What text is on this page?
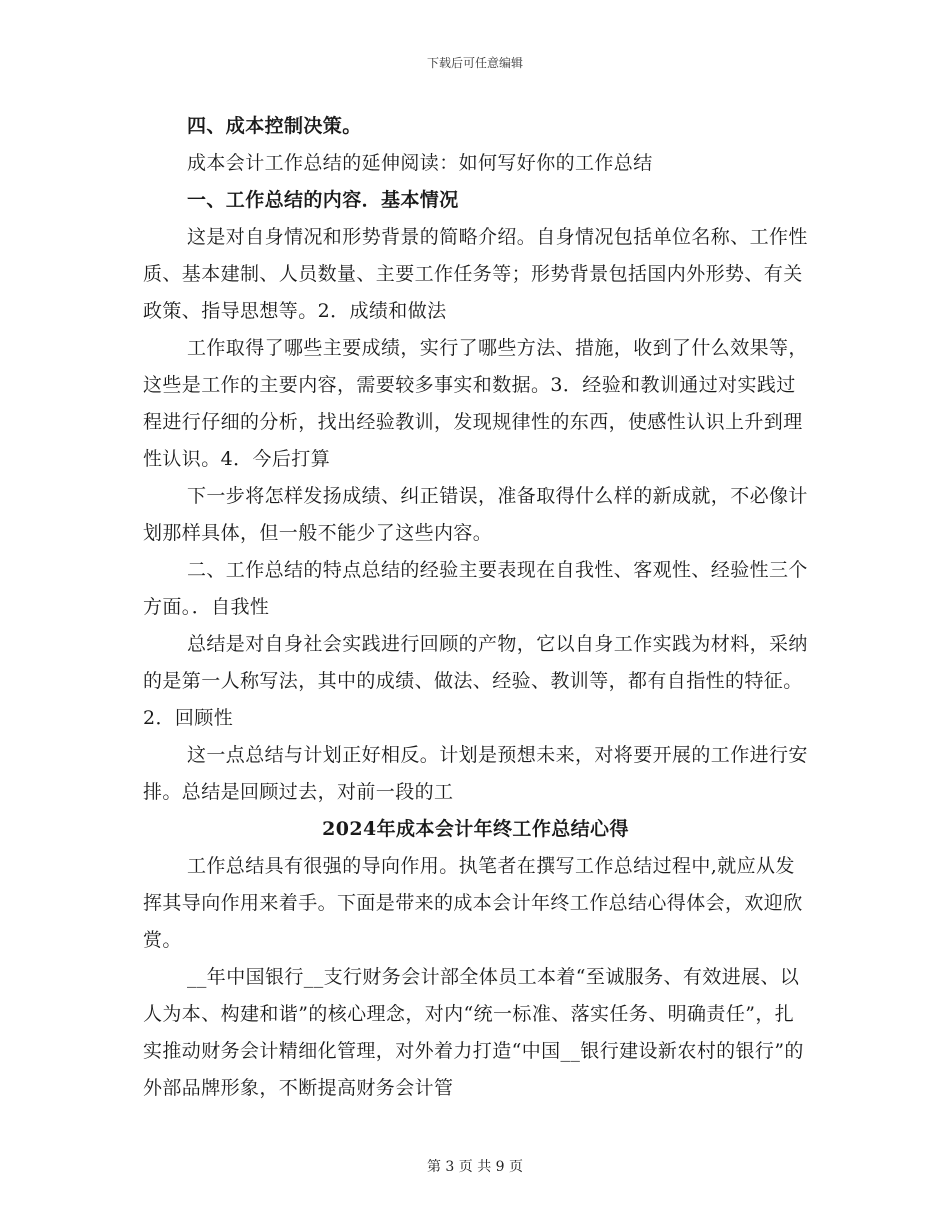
下载后可任意编辑

四、成本控制决策。

成本会计工作总结的延伸阅读：如何写好你的工作总结

一、工作总结的内容．基本情况

这是对自身情况和形势背景的简略介绍。自身情况包括单位名称、工作性质、基本建制、人员数量、主要工作任务等；形势背景包括国内外形势、有关政策、指导思想等。2．成绩和做法

工作取得了哪些主要成绩，实行了哪些方法、措施，收到了什么效果等，这些是工作的主要内容，需要较多事实和数据。3．经验和教训通过对实践过程进行仔细的分析，找出经验教训，发现规律性的东西，使感性认识上升到理性认识。4．今后打算

下一步将怎样发扬成绩、纠正错误，准备取得什么样的新成就，不必像计划那样具体，但一般不能少了这些内容。

二、工作总结的特点总结的经验主要表现在自我性、客观性、经验性三个方面。．自我性

总结是对自身社会实践进行回顾的产物，它以自身工作实践为材料，采纳的是第一人称写法，其中的成绩、做法、经验、教训等，都有自指性的特征。2．回顾性

这一点总结与计划正好相反。计划是预想未来，对将要开展的工作进行安排。总结是回顾过去，对前一段的工

2024年成本会计年终工作总结心得

工作总结具有很强的导向作用。执笔者在撰写工作总结过程中,就应从发挥其导向作用来着手。下面是带来的成本会计年终工作总结心得体会，欢迎欣赏。

__年中国银行__支行财务会计部全体员工本着“至诚服务、有效进展、以人为本、构建和谐”的核心理念，对内“统一标准、落实任务、明确责任”，扎实推动财务会计精细化管理，对外着力打造“中国__银行建设新农村的银行”的外部品牌形象，不断提高财务会计管

第 3 页 共 9 页
